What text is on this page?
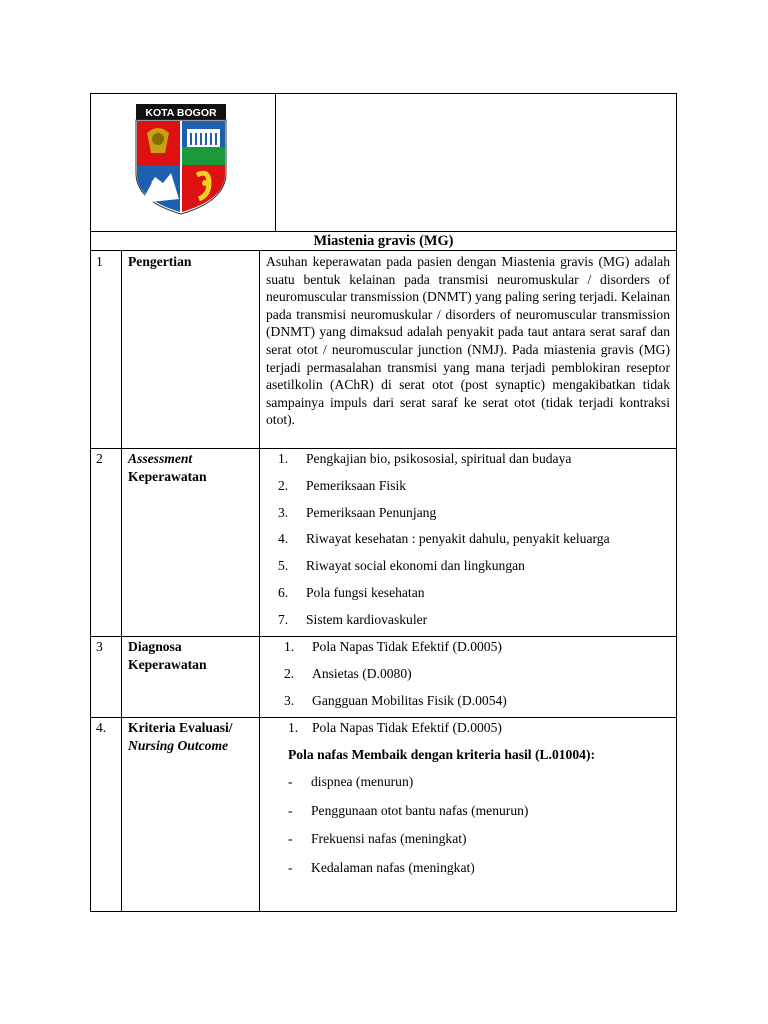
KOTA BOGOR
Miastenia gravis (MG)
1 Pengertian	Asuhan keperawatan pada pasien dengan Miastenia gravis (MG) adalah suatu bentuk kelainan pada transmisi neuromuskular / disorders of neuromuscular transmission (DNMT) yang paling sering terjadi. Kelainan pada transmisi neuromuskular / disorders of neuromuscular transmission (DNMT) yang dimaksud adalah penyakit pada taut antara serat saraf dan serat otot / neuromuscular junction (NMJ). Pada miastenia gravis (MG) terjadi permasalahan transmisi yang mana terjadi pemblokiran reseptor asetilkolin (AChR) di serat otot (post synaptic) mengakibatkan tidak sampainya impuls dari serat saraf ke serat otot (tidak terjadi kontraksi otot).
2 Assessment
Keperawatan
1. Pengkajian bio, psikososial, spiritual dan budaya
2. Pemeriksaan Fisik
3. Pemeriksaan Penunjang
4. Riwayat kesehatan : penyakit dahulu, penyakit keluarga
5. Riwayat social ekonomi dan lingkungan
6. Pola fungsi kesehatan
7. Sistem kardiovaskuler
3 Diagnosa
Keperawatan
1. Pola Napas Tidak Efektif (D.0005)
2. Ansietas (D.0080)
3. Gangguan Mobilitas Fisik (D.0054)
4. Kriteria Evaluasi/
Nursing Outcome
1. Pola Napas Tidak Efektif (D.0005)
Pola nafas Membaik dengan kriteria hasil (L.01004):
- dispnea (menurun)
- Penggunaan otot bantu nafas (menurun)
- Frekuensi nafas (meningkat)
- Kedalaman nafas (meningkat)
